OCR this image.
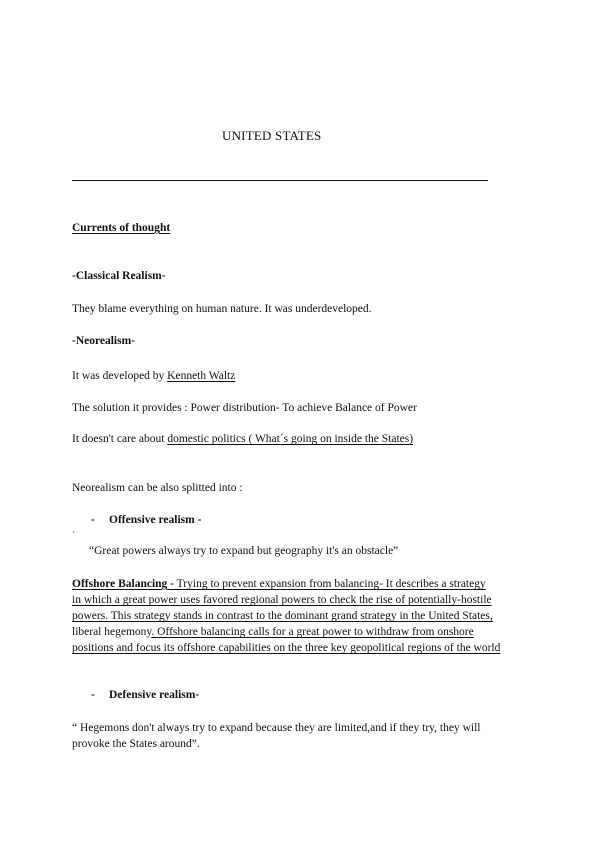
UNITED STATES
Currents of thought
-Classical Realism-
They blame everything on human nature. It was underdeveloped.
-Neorealism-
It was developed by Kenneth Waltz
The solution it provides : Power distribution- To achieve Balance of Power
It doesn't care about domestic politics ( What´s going on inside the States)
Neorealism can be also splitted into :
- Offensive realism -
´
“Great powers always try to expand but geography it's an obstacle”
Offshore Balancing - Trying to prevent expansion from balancing- It describes a strategy
in which a great power uses favored regional powers to check the rise of potentially-hostile
powers. This strategy stands in contrast to the dominant grand strategy in the United States,
liberal hegemony. Offshore balancing calls for a great power to withdraw from onshore
positions and focus its offshore capabilities on the three key geopolitical regions of the world
- Defensive realism-
“ Hegemons don't always try to expand because they are limited,and if they try, they will
provoke the States around”.
